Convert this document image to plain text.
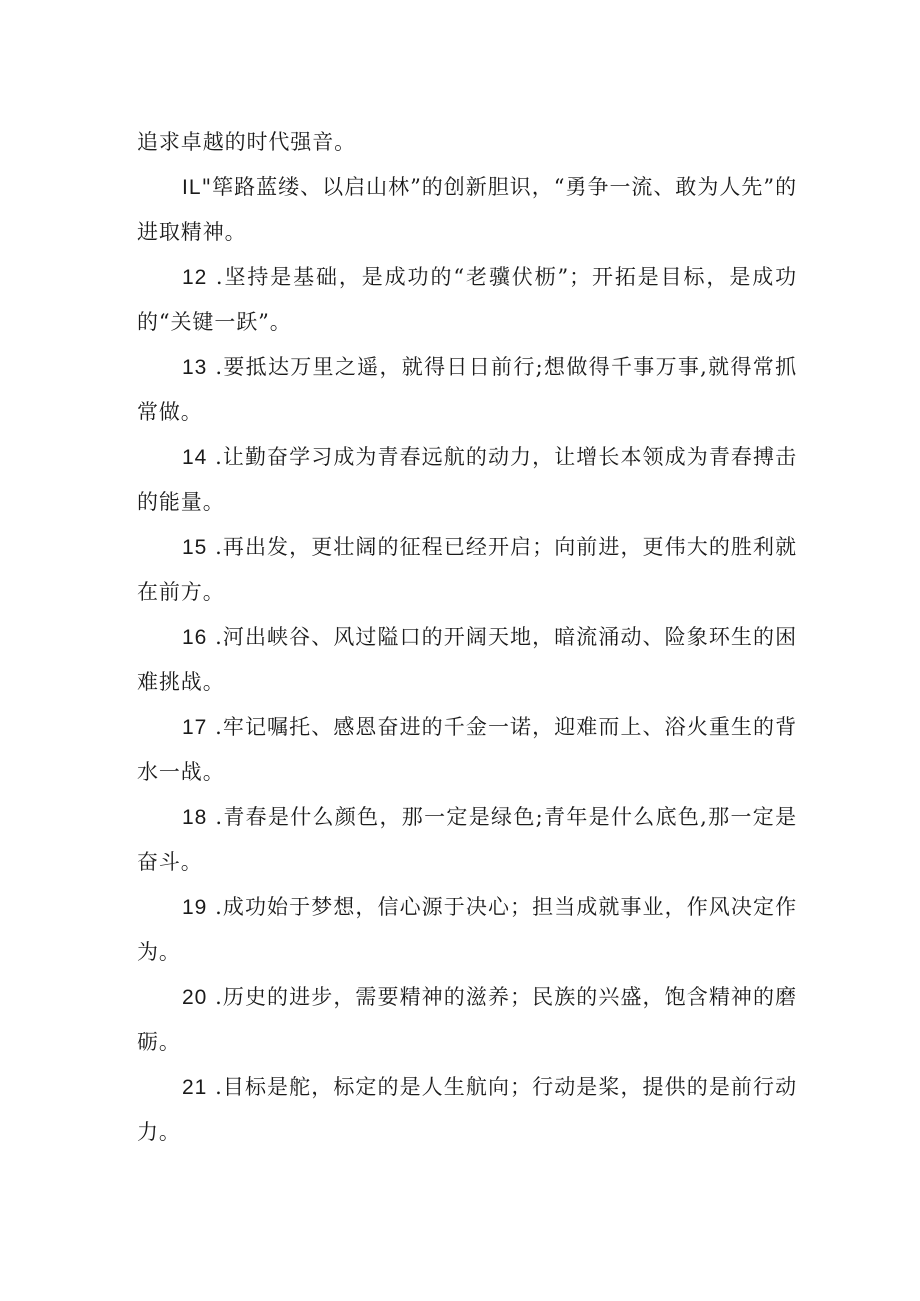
追求卓越的时代强音。

IL"筚路蓝缕、以启山林”的创新胆识，“勇争一流、敢为人先”的进取精神。

12 .坚持是基础，是成功的“老骥伏枥”；开拓是目标，是成功的“关键一跃”。

13 .要抵达万里之遥，就得日日前行;想做得千事万事,就得常抓常做。

14 .让勤奋学习成为青春远航的动力，让增长本领成为青春搏击的能量。

15 .再出发，更壮阔的征程已经开启；向前进，更伟大的胜利就在前方。

16 .河出峡谷、风过隘口的开阔天地，暗流涌动、险象环生的困难挑战。

17 .牢记嘱托、感恩奋进的千金一诺，迎难而上、浴火重生的背水一战。

18 .青春是什么颜色，那一定是绿色;青年是什么底色,那一定是奋斗。

19 .成功始于梦想，信心源于决心；担当成就事业，作风决定作为。

20 .历史的进步，需要精神的滋养；民族的兴盛，饱含精神的磨砺。

21 .目标是舵，标定的是人生航向；行动是桨，提供的是前行动力。
